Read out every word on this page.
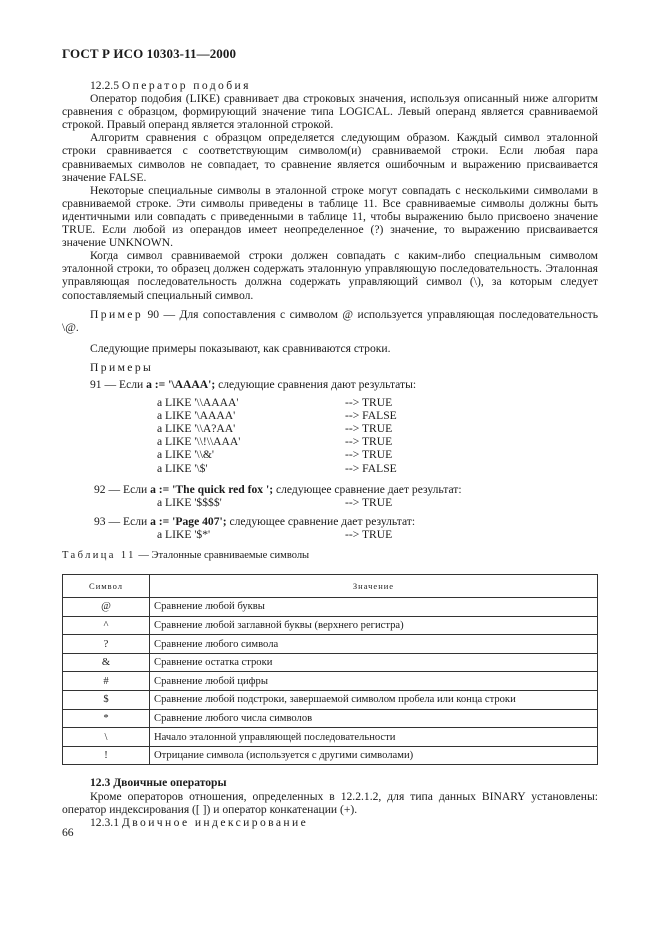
ГОСТ Р ИСО 10303-11—2000

12.2.5 Оператор подобия

Оператор подобия (LIKE) сравнивает два строковых значения, используя описанный ниже алгоритм сравнения с образцом, формирующий значение типа LOGICAL. Левый операнд является сравниваемой строкой. Правый операнд является эталонной строкой.

Алгоритм сравнения с образцом определяется следующим образом. Каждый символ эталонной строки сравнивается с соответствующим символом(и) сравниваемой строки. Если любая пара сравниваемых символов не совпадает, то сравнение является ошибочным и выражению присваивается значение FALSE.

Некоторые специальные символы в эталонной строке могут совпадать с несколькими символами в сравниваемой строке. Эти символы приведены в таблице 11. Все сравниваемые символы должны быть идентичными или совпадать с приведенными в таблице 11, чтобы выражению было присвоено значение TRUE. Если любой из операндов имеет неопределенное (?) значение, то выражению присваивается значение UNKNOWN.

Когда символ сравниваемой строки должен совпадать с каким-либо специальным символом эталонной строки, то образец должен содержать эталонную управляющую последовательность. Эталонная управляющая последовательность должна содержать управляющий символ (\), за которым следует сопоставляемый специальный символ.

Пример 90 — Для сопоставления с символом @ используется управляющая последовательность \@.

Следующие примеры показывают, как сравниваются строки.

Примеры

91 — Если a := '\AAAA'; следующие сравнения дают результаты:
a LIKE '\\AAAA'	--> TRUE
a LIKE '\AAAA'	--> FALSE
a LIKE '\\A?AA'	--> TRUE
a LIKE '\\!\\AAA'	--> TRUE
a LIKE '\\&'	--> TRUE
a LIKE '\$'	--> FALSE
92 — Если a := 'The quick red fox '; следующее сравнение дает результат:
a LIKE '$$$$'	--> TRUE
93 — Если a := 'Page 407'; следующее сравнение дает результат:
a LIKE '$*'	--> TRUE
Таблица 11 — Эталонные сравниваемые символы
Символ	Значение
@	Сравнение любой буквы
^	Сравнение любой заглавной буквы (верхнего регистра)
?	Сравнение любого символа
&	Сравнение остатка строки
#	Сравнение любой цифры
$	Сравнение любой подстроки, завершаемой символом пробела или конца строки
*	Сравнение любого числа символов
\	Начало эталонной управляющей последовательности
!	Отрицание символа (используется с другими символами)

12.3 Двоичные операторы

Кроме операторов отношения, определенных в 12.2.1.2, для типа данных BINARY установлены: оператор индексирования ([ ]) и оператор конкатенации (+).

12.3.1 Двоичное индексирование

66
